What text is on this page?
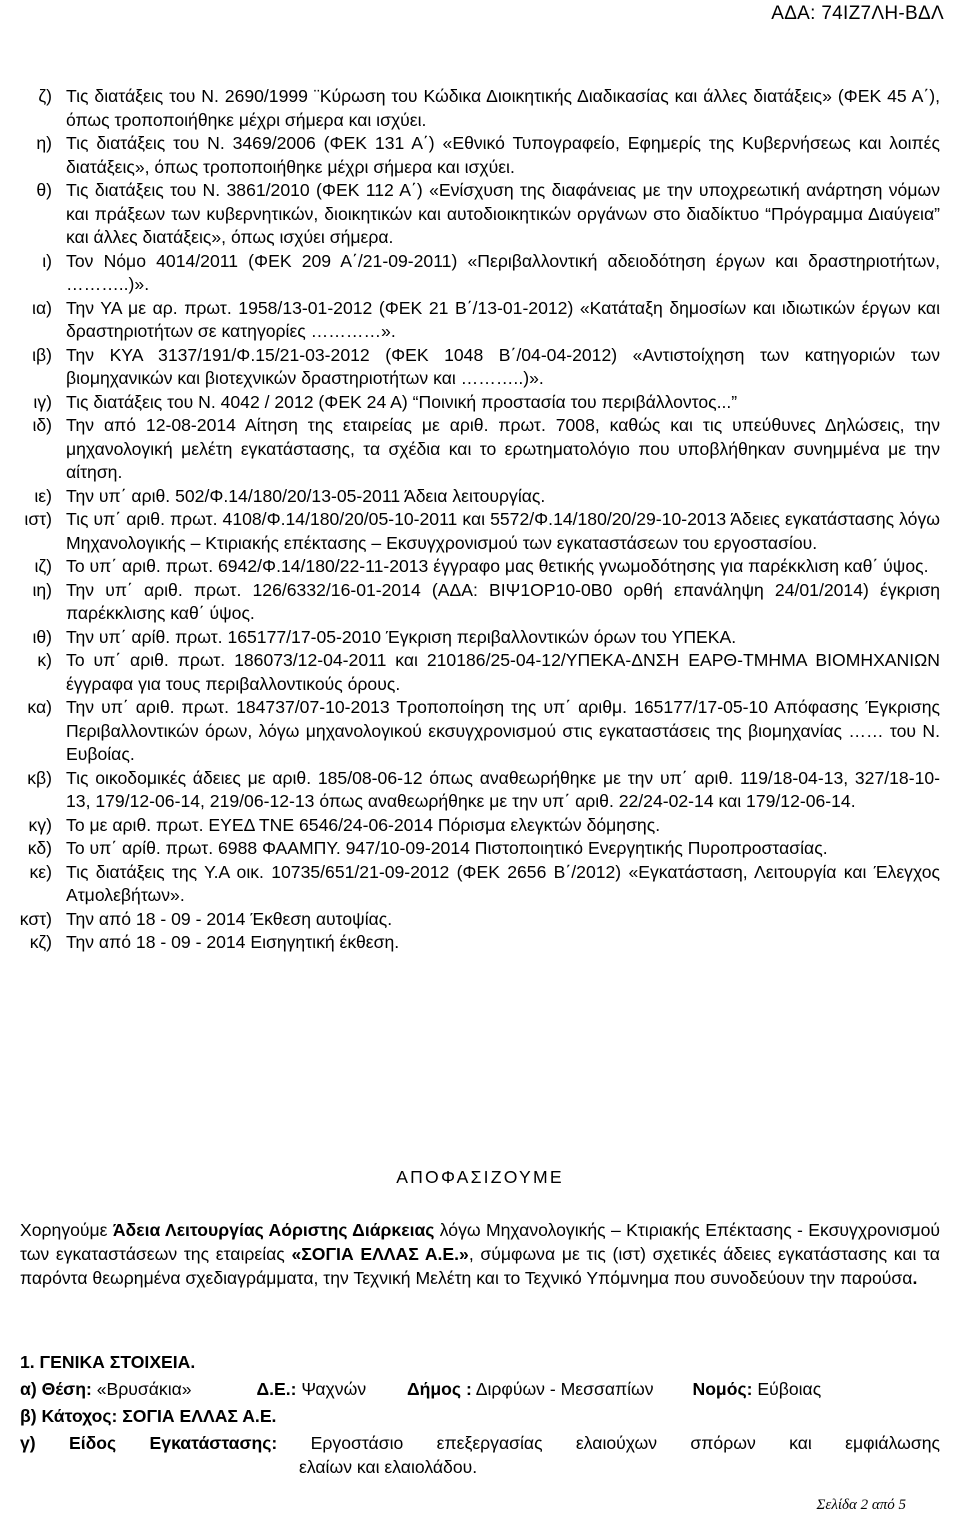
ΑΔΑ: 74ΙΖ7ΛΗ-ΒΔΛ
ζ) Τις διατάξεις του Ν. 2690/1999 ¨Κύρωση του Κώδικα Διοικητικής Διαδικασίας και άλλες διατάξεις» (ΦΕΚ 45 Α΄), όπως τροποποιήθηκε μέχρι σήμερα και ισχύει.
η) Τις διατάξεις του Ν. 3469/2006 (ΦΕΚ 131 Α΄) «Εθνικό Τυπογραφείο, Εφημερίς της Κυβερνήσεως και λοιπές διατάξεις», όπως τροποποιήθηκε μέχρι σήμερα και ισχύει.
θ) Τις διατάξεις του Ν. 3861/2010 (ΦΕΚ 112 Α΄) «Ενίσχυση της διαφάνειας με την υποχρεωτική ανάρτηση νόμων και πράξεων των κυβερνητικών, διοικητικών και αυτοδιοικητικών οργάνων στο διαδίκτυο “Πρόγραμμα Διαύγεια” και άλλες διατάξεις», όπως ισχύει σήμερα.
ι) Τον Νόμο 4014/2011 (ΦΕΚ 209 Α΄/21-09-2011) «Περιβαλλοντική αδειοδότηση έργων και δραστηριοτήτων, ………..)».
ια) Την ΥΑ με αρ. πρωτ. 1958/13-01-2012 (ΦΕΚ 21 Β΄/13-01-2012) «Κατάταξη δημοσίων και ιδιωτικών έργων και δραστηριοτήτων σε κατηγορίες …………».
ιβ) Την ΚΥΑ 3137/191/Φ.15/21-03-2012 (ΦΕΚ 1048 Β΄/04-04-2012) «Αντιστοίχηση των κατηγοριών των βιομηχανικών και βιοτεχνικών δραστηριοτήτων και ………..)».
ιγ) Τις διατάξεις του Ν. 4042 / 2012 (ΦΕΚ 24 Α) “Ποινική προστασία του περιβάλλοντος...”
ιδ) Την από 12-08-2014 Αίτηση της εταιρείας με αριθ. πρωτ. 7008, καθώς και τις υπεύθυνες Δηλώσεις, την μηχανολογική μελέτη εγκατάστασης, τα σχέδια και το ερωτηματολόγιο που υποβλήθηκαν συνημμένα με την αίτηση.
ιε) Την υπ΄ αριθ. 502/Φ.14/180/20/13-05-2011 Άδεια λειτουργίας.
ιστ) Τις υπ΄ αριθ. πρωτ. 4108/Φ.14/180/20/05-10-2011 και 5572/Φ.14/180/20/29-10-2013 Άδειες εγκατάστασης λόγω Μηχανολογικής – Κτιριακής επέκτασης – Εκσυγχρονισμού των εγκαταστάσεων του εργοστασίου.
ιζ) Το υπ΄ αριθ. πρωτ. 6942/Φ.14/180/22-11-2013 έγγραφο μας θετικής γνωμοδότησης για παρέκκλιση καθ΄ ύψος.
ιη) Την υπ΄ αριθ. πρωτ. 126/6332/16-01-2014 (ΑΔΑ: ΒΙΨ1ΟΡ10-0Β0 ορθή επανάληψη 24/01/2014) έγκριση παρέκκλισης καθ΄ ύψος.
ιθ) Την υπ΄ αρίθ. πρωτ. 165177/17-05-2010 Έγκριση περιβαλλοντικών όρων του ΥΠΕΚΑ.
κ) Το υπ΄ αριθ. πρωτ. 186073/12-04-2011 και 210186/25-04-12/ΥΠΕΚΑ-ΔΝΣΗ ΕΑΡΘ-ΤΜΗΜΑ ΒΙΟΜΗΧΑΝΙΩΝ έγγραφα για τους περιβαλλοντικούς όρους.
κα) Την υπ΄ αριθ. πρωτ. 184737/07-10-2013 Τροποποίηση της υπ΄ αριθμ. 165177/17-05-10 Απόφασης Έγκρισης Περιβαλλοντικών όρων, λόγω μηχανολογικού εκσυγχρονισμού στις εγκαταστάσεις της βιομηχανίας …… του Ν. Ευβοίας.
κβ) Τις οικοδομικές άδειες με αριθ. 185/08-06-12 όπως αναθεωρήθηκε με την υπ΄ αριθ. 119/18-04-13, 327/18-10-13, 179/12-06-14, 219/06-12-13 όπως αναθεωρήθηκε με την υπ΄ αριθ. 22/24-02-14 και 179/12-06-14.
κγ) Το με αριθ. πρωτ. ΕΥΕΔ ΤΝΕ 6546/24-06-2014 Πόρισμα ελεγκτών δόμησης.
κδ) Το υπ΄ αρίθ. πρωτ. 6988 ΦΑΑΜΠΥ. 947/10-09-2014 Πιστοποιητικό Ενεργητικής Πυροπροστασίας.
κε) Τις διατάξεις της Υ.Α οικ. 10735/651/21-09-2012 (ΦΕΚ 2656 Β΄/2012) «Εγκατάσταση, Λειτουργία και Έλεγχος Ατμολεβήτων».
κστ) Την από 18 - 09 - 2014 Έκθεση αυτοψίας.
κζ) Την από 18 - 09 - 2014 Εισηγητική έκθεση.
ΑΠΟΦΑΣΙΖΟΥΜΕ
Χορηγούμε Άδεια Λειτουργίας Αόριστης Διάρκειας λόγω Μηχανολογικής – Κτιριακής Επέκτασης - Εκσυγχρονισμού των εγκαταστάσεων της εταιρείας «ΣΟΓΙΑ ΕΛΛΑΣ Α.Ε.», σύμφωνα με τις (ιστ) σχετικές άδειες εγκατάστασης και τα παρόντα θεωρημένα σχεδιαγράμματα, την Τεχνική Μελέτη και το Τεχνικό Υπόμνημα που συνοδεύουν την παρούσα.
1. ΓΕΝΙΚΑ ΣΤΟΙΧΕΙΑ.
α) Θέση: «Βρυσάκια»	Δ.Ε.: Ψαχνών Δήμος : Διρφύων - Μεσσαπίων Νομός: Εύβοιας
β) Κάτοχος: ΣΟΓΙΑ ΕΛΛΑΣ Α.Ε.
γ) Είδος Εγκατάστασης: Εργοστάσιο επεξεργασίας ελαιούχων σπόρων και εμφιάλωσης
ελαίων και ελαιολάδου.
Σελίδα 2 από 5
